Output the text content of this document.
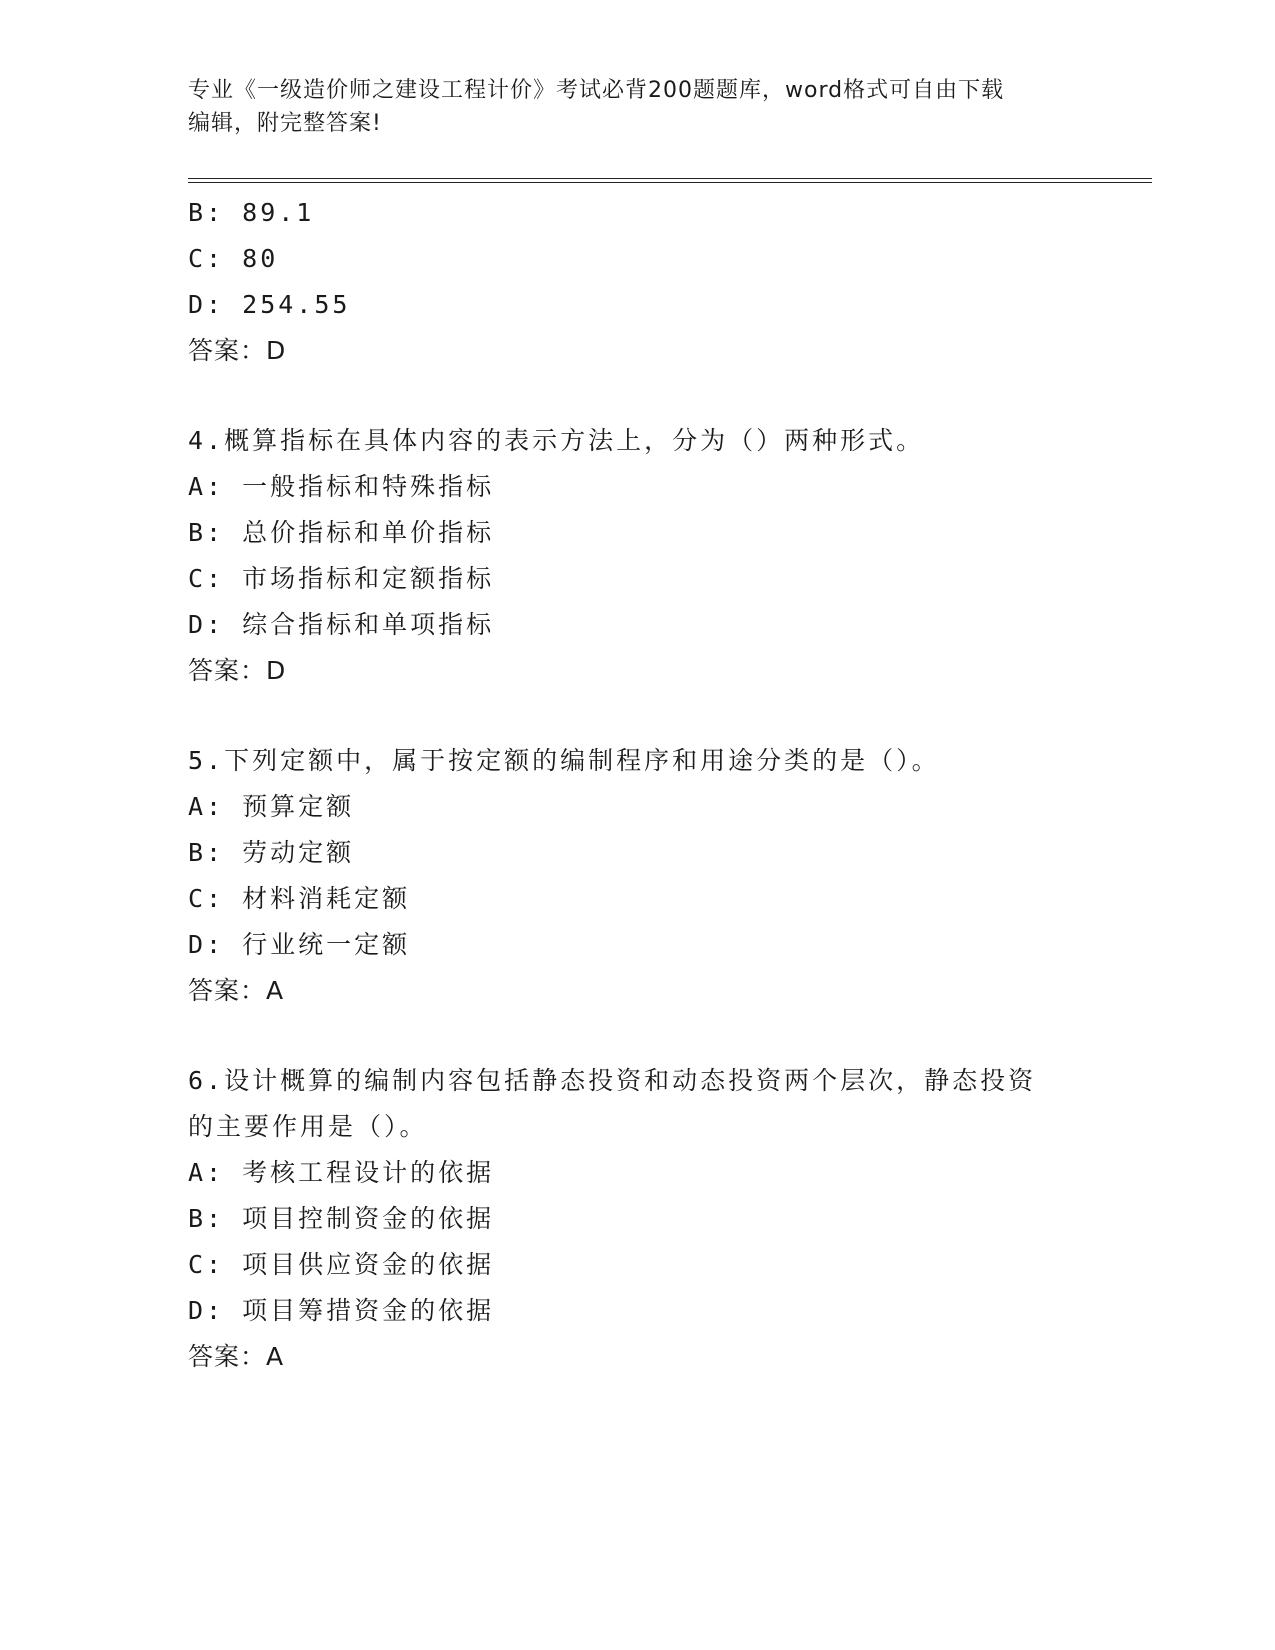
专业《一级造价师之建设工程计价》考试必背200题题库，word格式可自由下载
编辑，附完整答案!
B: 89.1
C: 80
D: 254.55
答案：D
4.概算指标在具体内容的表示方法上，分为（）两种形式。
A: 一般指标和特殊指标
B: 总价指标和单价指标
C: 市场指标和定额指标
D: 综合指标和单项指标
答案：D
5.下列定额中，属于按定额的编制程序和用途分类的是（）。
A: 预算定额
B: 劳动定额
C: 材料消耗定额
D: 行业统一定额
答案：A
6.设计概算的编制内容包括静态投资和动态投资两个层次，静态投资
的主要作用是（）。
A: 考核工程设计的依据
B: 项目控制资金的依据
C: 项目供应资金的依据
D: 项目筹措资金的依据
答案：A
